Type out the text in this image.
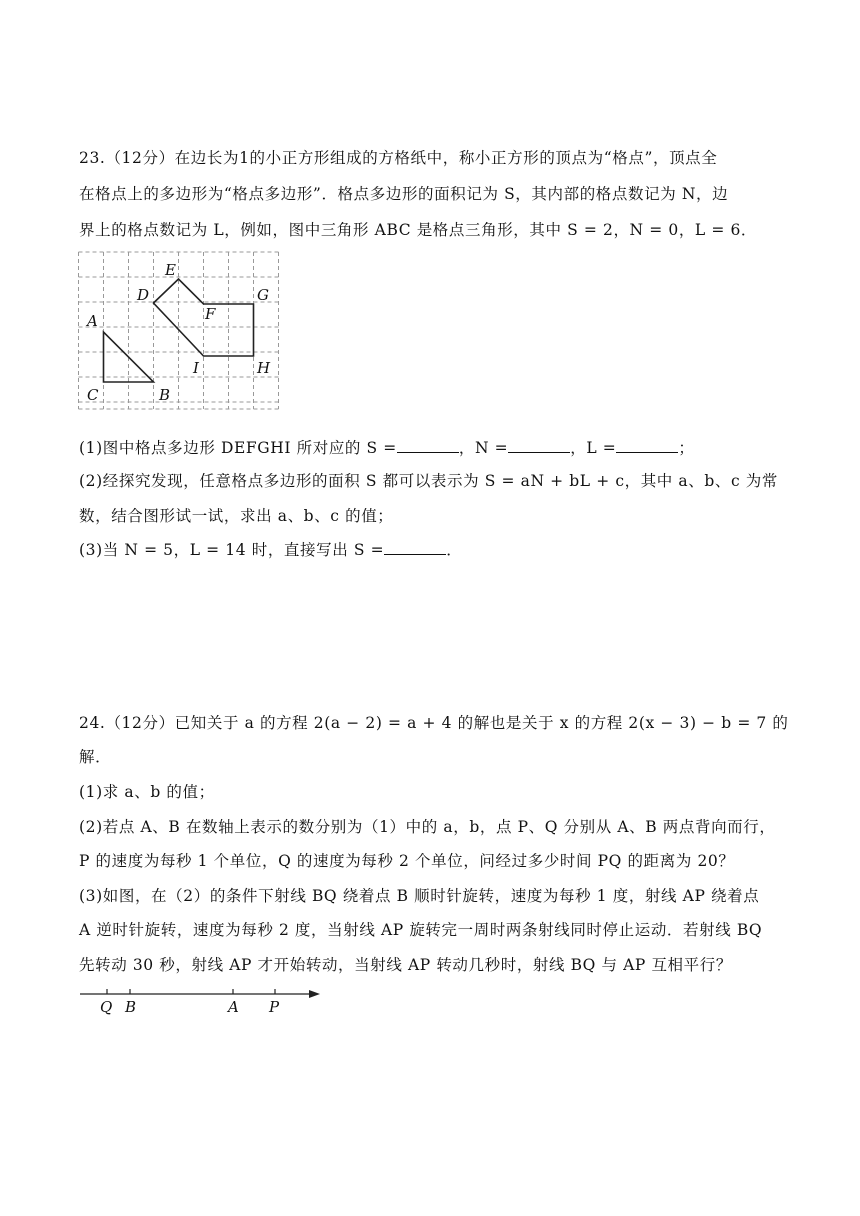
23.（12分）在边长为1的小正方形组成的方格纸中，称小正方形的顶点为“格点”，顶点全
在格点上的多边形为“格点多边形”．格点多边形的面积记为 S，其内部的格点数记为 N，边
界上的格点数记为 L，例如，图中三角形 ABC 是格点三角形，其中 S = 2，N = 0，L = 6．
E
D	G
A	F
I	H
C	B
(1)图中格点多边形 DEFGHI 所对应的 S =	，N =	，L =	；
(2)经探究发现，任意格点多边形的面积 S 都可以表示为 S = aN + bL + c，其中 a、b、c 为常
数，结合图形试一试，求出 a、b、c 的值；
(3)当 N = 5，L = 14 时，直接写出 S =	．
24.（12分）已知关于 a 的方程 2(a − 2) = a + 4 的解也是关于 x 的方程 2(x − 3) − b = 7 的
解．
(1)求 a、b 的值；
(2)若点 A、B 在数轴上表示的数分别为（1）中的 a，b，点 P、Q 分别从 A、B 两点背向而行，
P 的速度为每秒 1 个单位，Q 的速度为每秒 2 个单位，问经过多少时间 PQ 的距离为 20？
(3)如图，在（2）的条件下射线 BQ 绕着点 B 顺时针旋转，速度为每秒 1 度，射线 AP 绕着点
A 逆时针旋转，速度为每秒 2 度，当射线 AP 旋转完一周时两条射线同时停止运动．若射线 BQ
先转动 30 秒，射线 AP 才开始转动，当射线 AP 转动几秒时，射线 BQ 与 AP 互相平行？
Q B	A P
